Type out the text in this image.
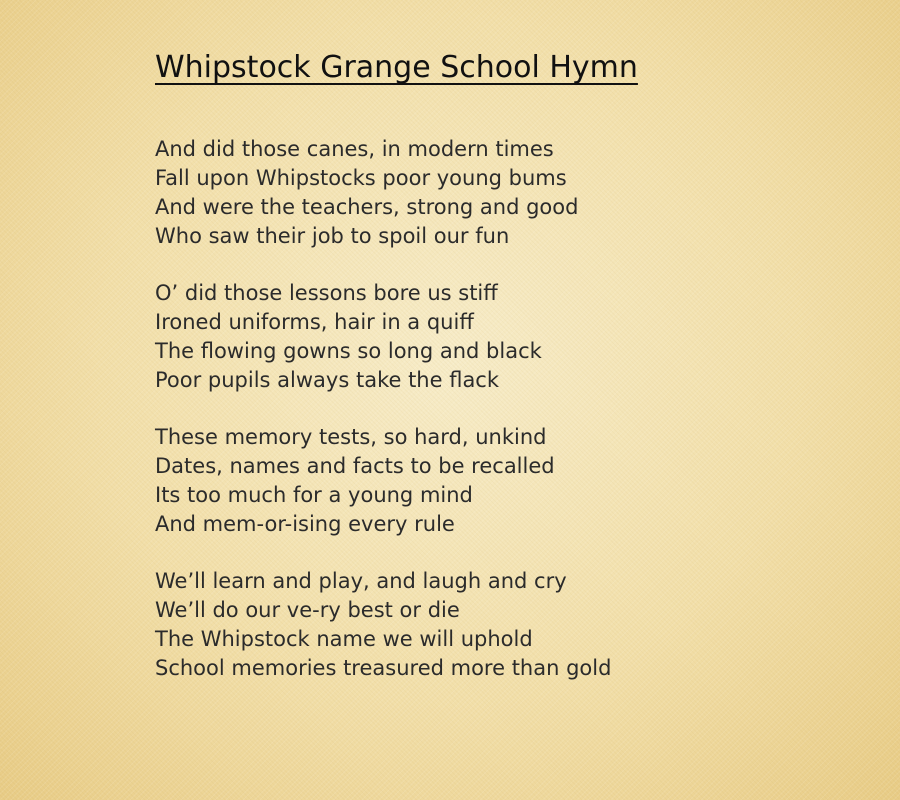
Whipstock Grange School Hymn
And did those canes, in modern times
Fall upon Whipstocks poor young bums
And were the teachers, strong and good
Who saw their job to spoil our fun
O’ did those lessons bore us stiff
Ironed uniforms, hair in a quiff
The flowing gowns so long and black
Poor pupils always take the flack
These memory tests, so hard, unkind
Dates, names and facts to be recalled
Its too much for a young mind
And mem-or-ising every rule
We’ll learn and play, and laugh and cry
We’ll do our ve-ry best or die
The Whipstock name we will uphold
School memories treasured more than gold
